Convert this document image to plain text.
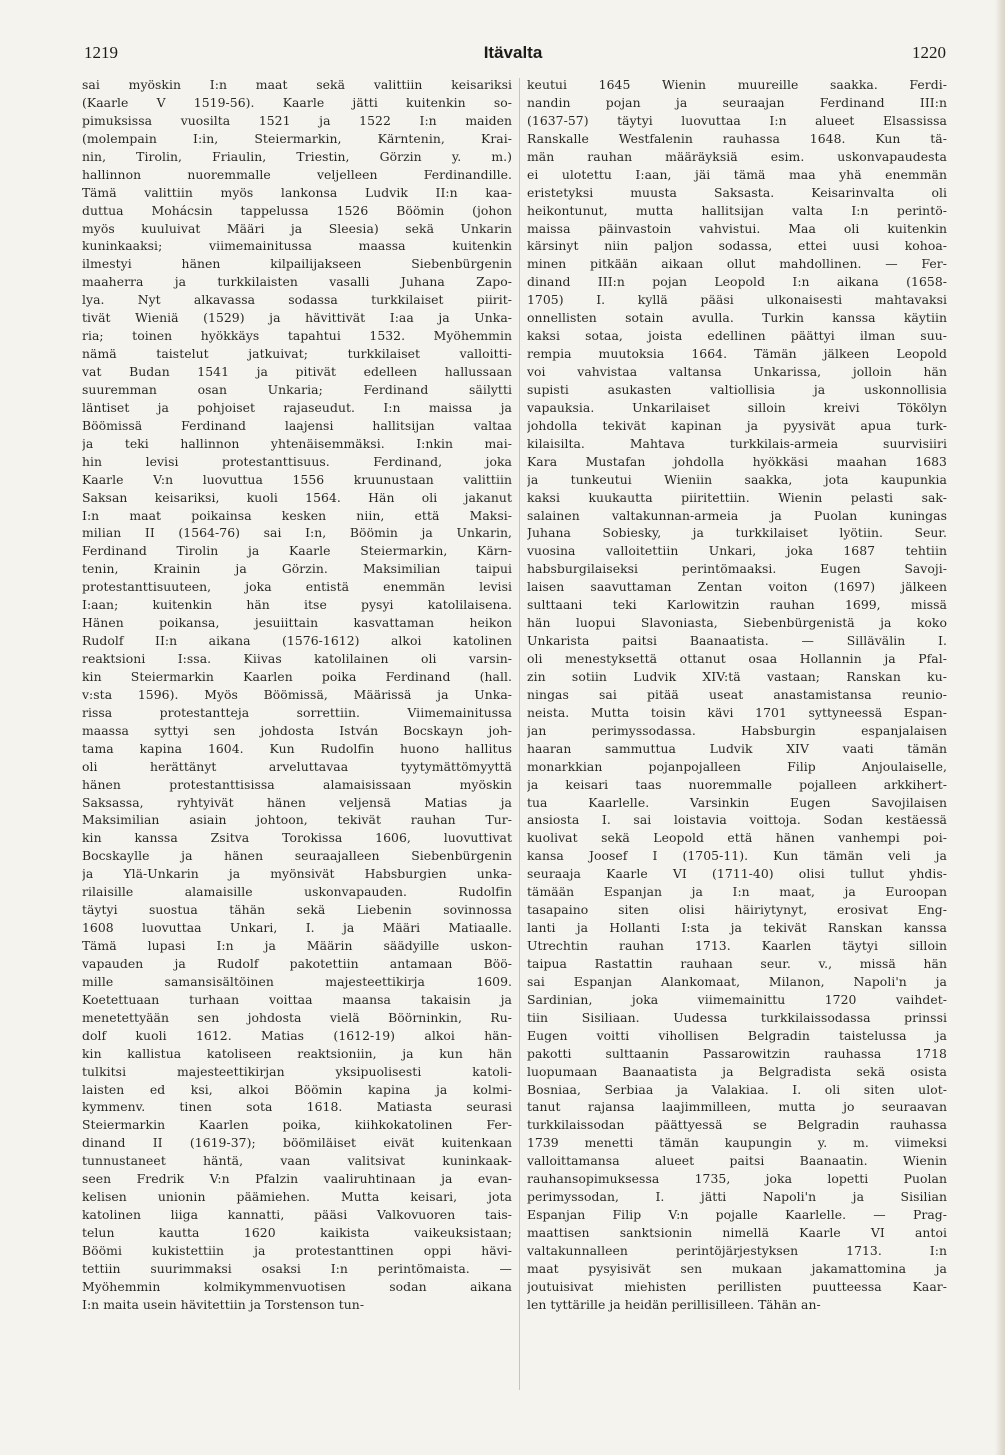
1219	Itävalta	1220
sai myöskin I:n maat sekä valittiin keisariksi
(Kaarle V 1519-56). Kaarle jätti kuitenkin so-
pimuksissa vuosilta 1521 ja 1522 I:n maiden
(molempain I:in, Steiermarkin, Kärntenin, Krai-
nin, Tirolin, Friaulin, Triestin, Görzin y. m.)
hallinnon nuoremmalle veljelleen Ferdinandille.
Tämä valittiin myös lankonsa Ludvik II:n kaa-
duttua Mohácsin tappelussa 1526 Böömin (johon
myös kuuluivat Määri ja Sleesia) sekä Unkarin
kuninkaaksi; viimemainitussa maassa kuitenkin
ilmestyi hänen kilpailijakseen Siebenbürgenin
maaherra ja turkkilaisten vasalli Juhana Zapo-
lya. Nyt alkavassa sodassa turkkilaiset piirit-
tivät Wieniä (1529) ja hävittivät I:aa ja Unka-
ria; toinen hyökkäys tapahtui 1532. Myöhemmin
nämä taistelut jatkuivat; turkkilaiset valloitti-
vat Budan 1541 ja pitivät edelleen hallussaan
suuremman osan Unkaria; Ferdinand säilytti
läntiset ja pohjoiset rajaseudut. I:n maissa ja
Böömissä Ferdinand laajensi hallitsijan valtaa
ja teki hallinnon yhtenäisemmäksi. I:nkin mai-
hin levisi protestanttisuus. Ferdinand, joka
Kaarle V:n luovuttua 1556 kruunustaan valittiin
Saksan keisariksi, kuoli 1564. Hän oli jakanut
I:n maat poikainsa kesken niin, että Maksi-
milian II (1564-76) sai I:n, Böömin ja Unkarin,
Ferdinand Tirolin ja Kaarle Steiermarkin, Kärn-
tenin, Krainin ja Görzin. Maksimilian taipui
protestanttisuuteen, joka entistä enemmän levisi
I:aan; kuitenkin hän itse pysyi katolilaisena.
Hänen poikansa, jesuiittain kasvattaman heikon
Rudolf II:n aikana (1576-1612) alkoi katolinen
reaktsioni I:ssa. Kiivas katolilainen oli varsin-
kin Steiermarkin Kaarlen poika Ferdinand (hall.
v:sta 1596). Myös Böömissä, Määrissä ja Unka-
rissa protestantteja sorrettiin. Viimemainitussa
maassa syttyi sen johdosta István Bocskayn joh-
tama kapina 1604. Kun Rudolfin huono hallitus
oli herättänyt arveluttavaa tyytymättömyyttä
hänen protestanttisissa alamaisissaan myöskin
Saksassa, ryhtyivät hänen veljensä Matias ja
Maksimilian asiain johtoon, tekivät rauhan Tur-
kin kanssa Zsitva Torokissa 1606, luovuttivat
Bocskaylle ja hänen seuraajalleen Siebenbürgenin
ja Ylä-Unkarin ja myönsivät Habsburgien unka-
rilaisille alamaisille uskonvapauden. Rudolfin
täytyi suostua tähän sekä Liebenin sovinnossa
1608 luovuttaa Unkari, I. ja Määri Matiaalle.
Tämä lupasi I:n ja Määrin säädyille uskon-
vapauden ja Rudolf pakotettiin antamaan Böö-
mille samansisältöinen majesteettikirja 1609.
Koetettuaan turhaan voittaa maansa takaisin ja
menetettyään sen johdosta vielä Böörninkin, Ru-
dolf kuoli 1612. Matias (1612-19) alkoi hän-
kin kallistua katoliseen reaktsioniin, ja kun hän
tulkitsi majesteettikirjan yksipuolisesti katoli-
laisten ed ksi, alkoi Böömin kapina ja kolmi-
kymmenv. tinen sota 1618. Matiasta seurasi
Steiermarkin Kaarlen poika, kiihkokatolinen Fer-
dinand II (1619-37); böömiläiset eivät kuitenkaan
tunnustaneet häntä, vaan valitsivat kuninkaak-
seen Fredrik V:n Pfalzin vaaliruhtinaan ja evan-
kelisen unionin päämiehen. Mutta keisari, jota
katolinen liiga kannatti, pääsi Valkovuoren tais-
telun kautta 1620 kaikista vaikeuksistaan;
Böömi kukistettiin ja protestanttinen oppi hävi-
tettiin suurimmaksi osaksi I:n perintömaista. —
Myöhemmin kolmikymmenvuotisen sodan aikana
I:n maita usein hävitettiin ja Torstenson tun-
keutui 1645 Wienin muureille saakka. Ferdi-
nandin pojan ja seuraajan Ferdinand III:n
(1637-57) täytyi luovuttaa I:n alueet Elsassissa
Ranskalle Westfalenin rauhassa 1648. Kun tä-
män rauhan määräyksiä esim. uskonvapaudesta
ei ulotettu I:aan, jäi tämä maa yhä enemmän
eristetyksi muusta Saksasta. Keisarinvalta oli
heikontunut, mutta hallitsijan valta I:n perintö-
maissa päinvastoin vahvistui. Maa oli kuitenkin
kärsinyt niin paljon sodassa, ettei uusi kohoa-
minen pitkään aikaan ollut mahdollinen. — Fer-
dinand III:n pojan Leopold I:n aikana (1658-
1705) I. kyllä pääsi ulkonaisesti mahtavaksi
onnellisten sotain avulla. Turkin kanssa käytiin
kaksi sotaa, joista edellinen päättyi ilman suu-
rempia muutoksia 1664. Tämän jälkeen Leopold
voi vahvistaa valtansa Unkarissa, jolloin hän
supisti asukasten valtiollisia ja uskonnollisia
vapauksia. Unkarilaiset silloin kreivi Tökölyn
johdolla tekivät kapinan ja pyysivät apua turk-
kilaisilta. Mahtava turkkilais-armeia suurvisiiri
Kara Mustafan johdolla hyökkäsi maahan 1683
ja tunkeutui Wieniin saakka, jota kaupunkia
kaksi kuukautta piiritettiin. Wienin pelasti sak-
salainen valtakunnan-armeia ja Puolan kuningas
Juhana Sobiesky, ja turkkilaiset lyötiin. Seur.
vuosina valloitettiin Unkari, joka 1687 tehtiin
habsburgilaiseksi perintömaaksi. Eugen Savoji-
laisen saavuttaman Zentan voiton (1697) jälkeen
sulttaani teki Karlowitzin rauhan 1699, missä
hän luopui Slavoniasta, Siebenbürgenistä ja koko
Unkarista paitsi Baanaatista. — Sillävälin I.
oli menestyksettä ottanut osaa Hollannin ja Pfal-
zin sotiin Ludvik XIV:tä vastaan; Ranskan ku-
ningas sai pitää useat anastamistansa reunio-
neista. Mutta toisin kävi 1701 syttyneessä Espan-
jan perimyssodassa. Habsburgin espanjalaisen
haaran sammuttua Ludvik XIV vaati tämän
monarkkian pojanpojalleen Filip Anjoulaiselle,
ja keisari taas nuoremmalle pojalleen arkkihert-
tua Kaarlelle. Varsinkin Eugen Savojilaisen
ansiosta I. sai loistavia voittoja. Sodan kestäessä
kuolivat sekä Leopold että hänen vanhempi poi-
kansa Joosef I (1705-11). Kun tämän veli ja
seuraaja Kaarle VI (1711-40) olisi tullut yhdis-
tämään Espanjan ja I:n maat, ja Euroopan
tasapaino siten olisi häiriytynyt, erosivat Eng-
lanti ja Hollanti I:sta ja tekivät Ranskan kanssa
Utrechtin rauhan 1713. Kaarlen täytyi silloin
taipua Rastattin rauhaan seur. v., missä hän
sai Espanjan Alankomaat, Milanon, Napoli'n ja
Sardinian, joka viimemainittu 1720 vaihdet-
tiin Sisiliaan. Uudessa turkkilaissodassa prinssi
Eugen voitti vihollisen Belgradin taistelussa ja
pakotti sulttaanin Passarowitzin rauhassa 1718
luopumaan Baanaatista ja Belgradista sekä osista
Bosniaa, Serbiaa ja Valakiaa. I. oli siten ulot-
tanut rajansa laajimmilleen, mutta jo seuraavan
turkkilaissodan päättyessä se Belgradin rauhassa
1739 menetti tämän kaupungin y. m. viimeksi
valloittamansa alueet paitsi Baanaatin. Wienin
rauhansopimuksessa 1735, joka lopetti Puolan
perimyssodan, I. jätti Napoli'n ja Sisilian
Espanjan Filip V:n pojalle Kaarlelle. — Prag-
maattisen sanktsionin nimellä Kaarle VI antoi
valtakunnalleen perintöjärjestyksen 1713. I:n
maat pysyisivät sen mukaan jakamattomina ja
joutuisivat miehisten perillisten puutteessa Kaar-
len tyttärille ja heidän perillisilleen. Tähän an-
